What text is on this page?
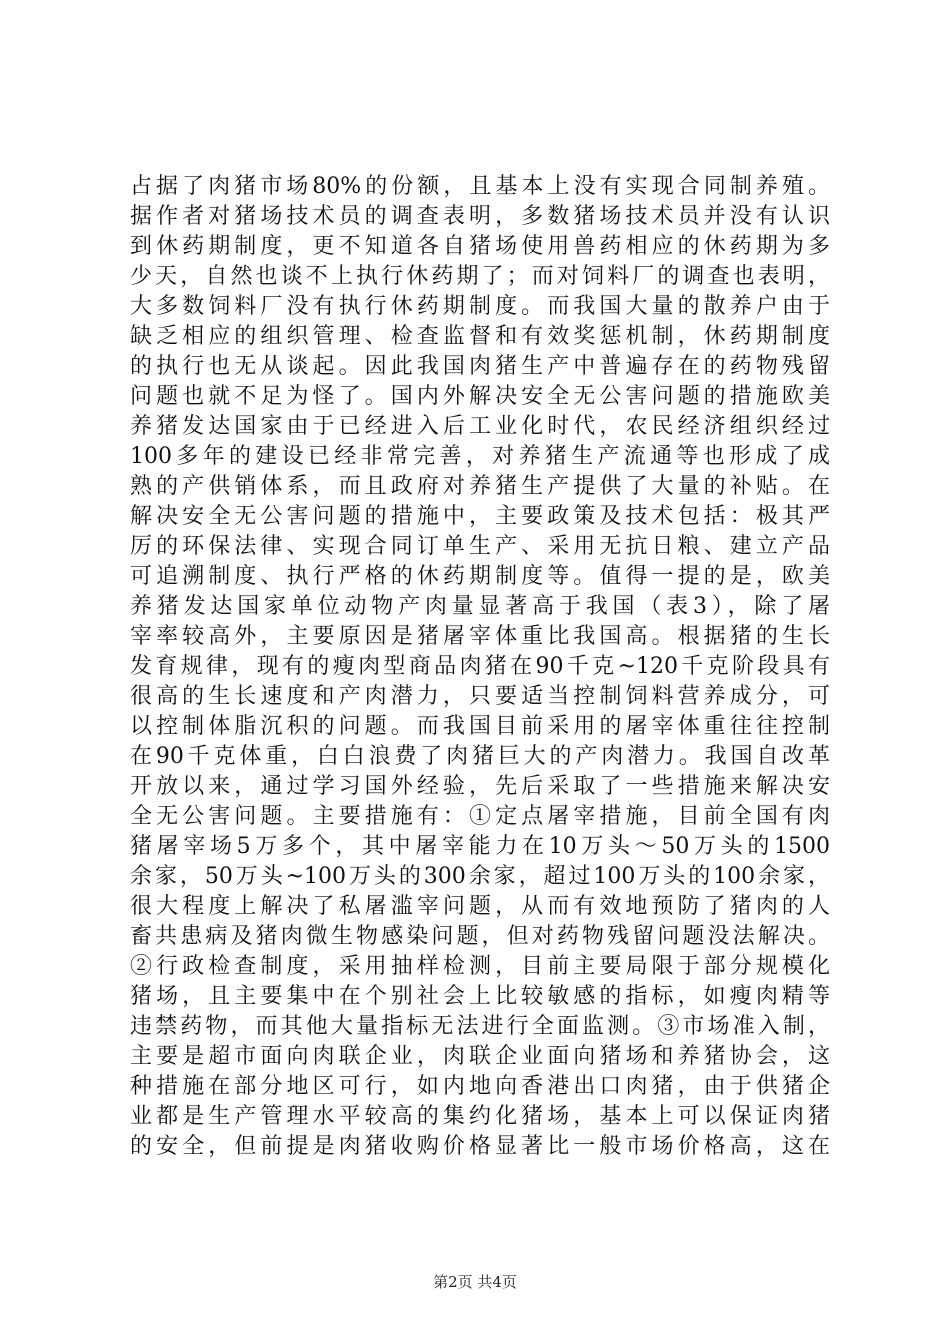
占据了肉猪市场80%的份额，且基本上没有实现合同制养殖。
据作者对猪场技术员的调查表明，多数猪场技术员并没有认识
到休药期制度，更不知道各自猪场使用兽药相应的休药期为多
少天，自然也谈不上执行休药期了；而对饲料厂的调查也表明，
大多数饲料厂没有执行休药期制度。而我国大量的散养户由于
缺乏相应的组织管理、检查监督和有效奖惩机制，休药期制度
的执行也无从谈起。因此我国肉猪生产中普遍存在的药物残留
问题也就不足为怪了。国内外解决安全无公害问题的措施欧美
养猪发达国家由于已经进入后工业化时代，农民经济组织经过
100多年的建设已经非常完善，对养猪生产流通等也形成了成
熟的产供销体系，而且政府对养猪生产提供了大量的补贴。在
解决安全无公害问题的措施中，主要政策及技术包括：极其严
厉的环保法律、实现合同订单生产、采用无抗日粮、建立产品
可追溯制度、执行严格的休药期制度等。值得一提的是，欧美
养猪发达国家单位动物产肉量显著高于我国（表3），除了屠
宰率较高外，主要原因是猪屠宰体重比我国高。根据猪的生长
发育规律，现有的瘦肉型商品肉猪在90千克~120千克阶段具有
很高的生长速度和产肉潜力，只要适当控制饲料营养成分，可
以控制体脂沉积的问题。而我国目前采用的屠宰体重往往控制
在90千克体重，白白浪费了肉猪巨大的产肉潜力。我国自改革
开放以来，通过学习国外经验，先后采取了一些措施来解决安
全无公害问题。主要措施有：①定点屠宰措施，目前全国有肉
猪屠宰场5万多个，其中屠宰能力在10万头～50万头的1500
余家，50万头~100万头的300余家，超过100万头的100余家，
很大程度上解决了私屠滥宰问题，从而有效地预防了猪肉的人
畜共患病及猪肉微生物感染问题，但对药物残留问题没法解决。
②行政检查制度，采用抽样检测，目前主要局限于部分规模化
猪场，且主要集中在个别社会上比较敏感的指标，如瘦肉精等
违禁药物，而其他大量指标无法进行全面监测。③市场准入制，
主要是超市面向肉联企业，肉联企业面向猪场和养猪协会，这
种措施在部分地区可行，如内地向香港出口肉猪，由于供猪企
业都是生产管理水平较高的集约化猪场，基本上可以保证肉猪
的安全，但前提是肉猪收购价格显著比一般市场价格高，这在
第2页 共4页
